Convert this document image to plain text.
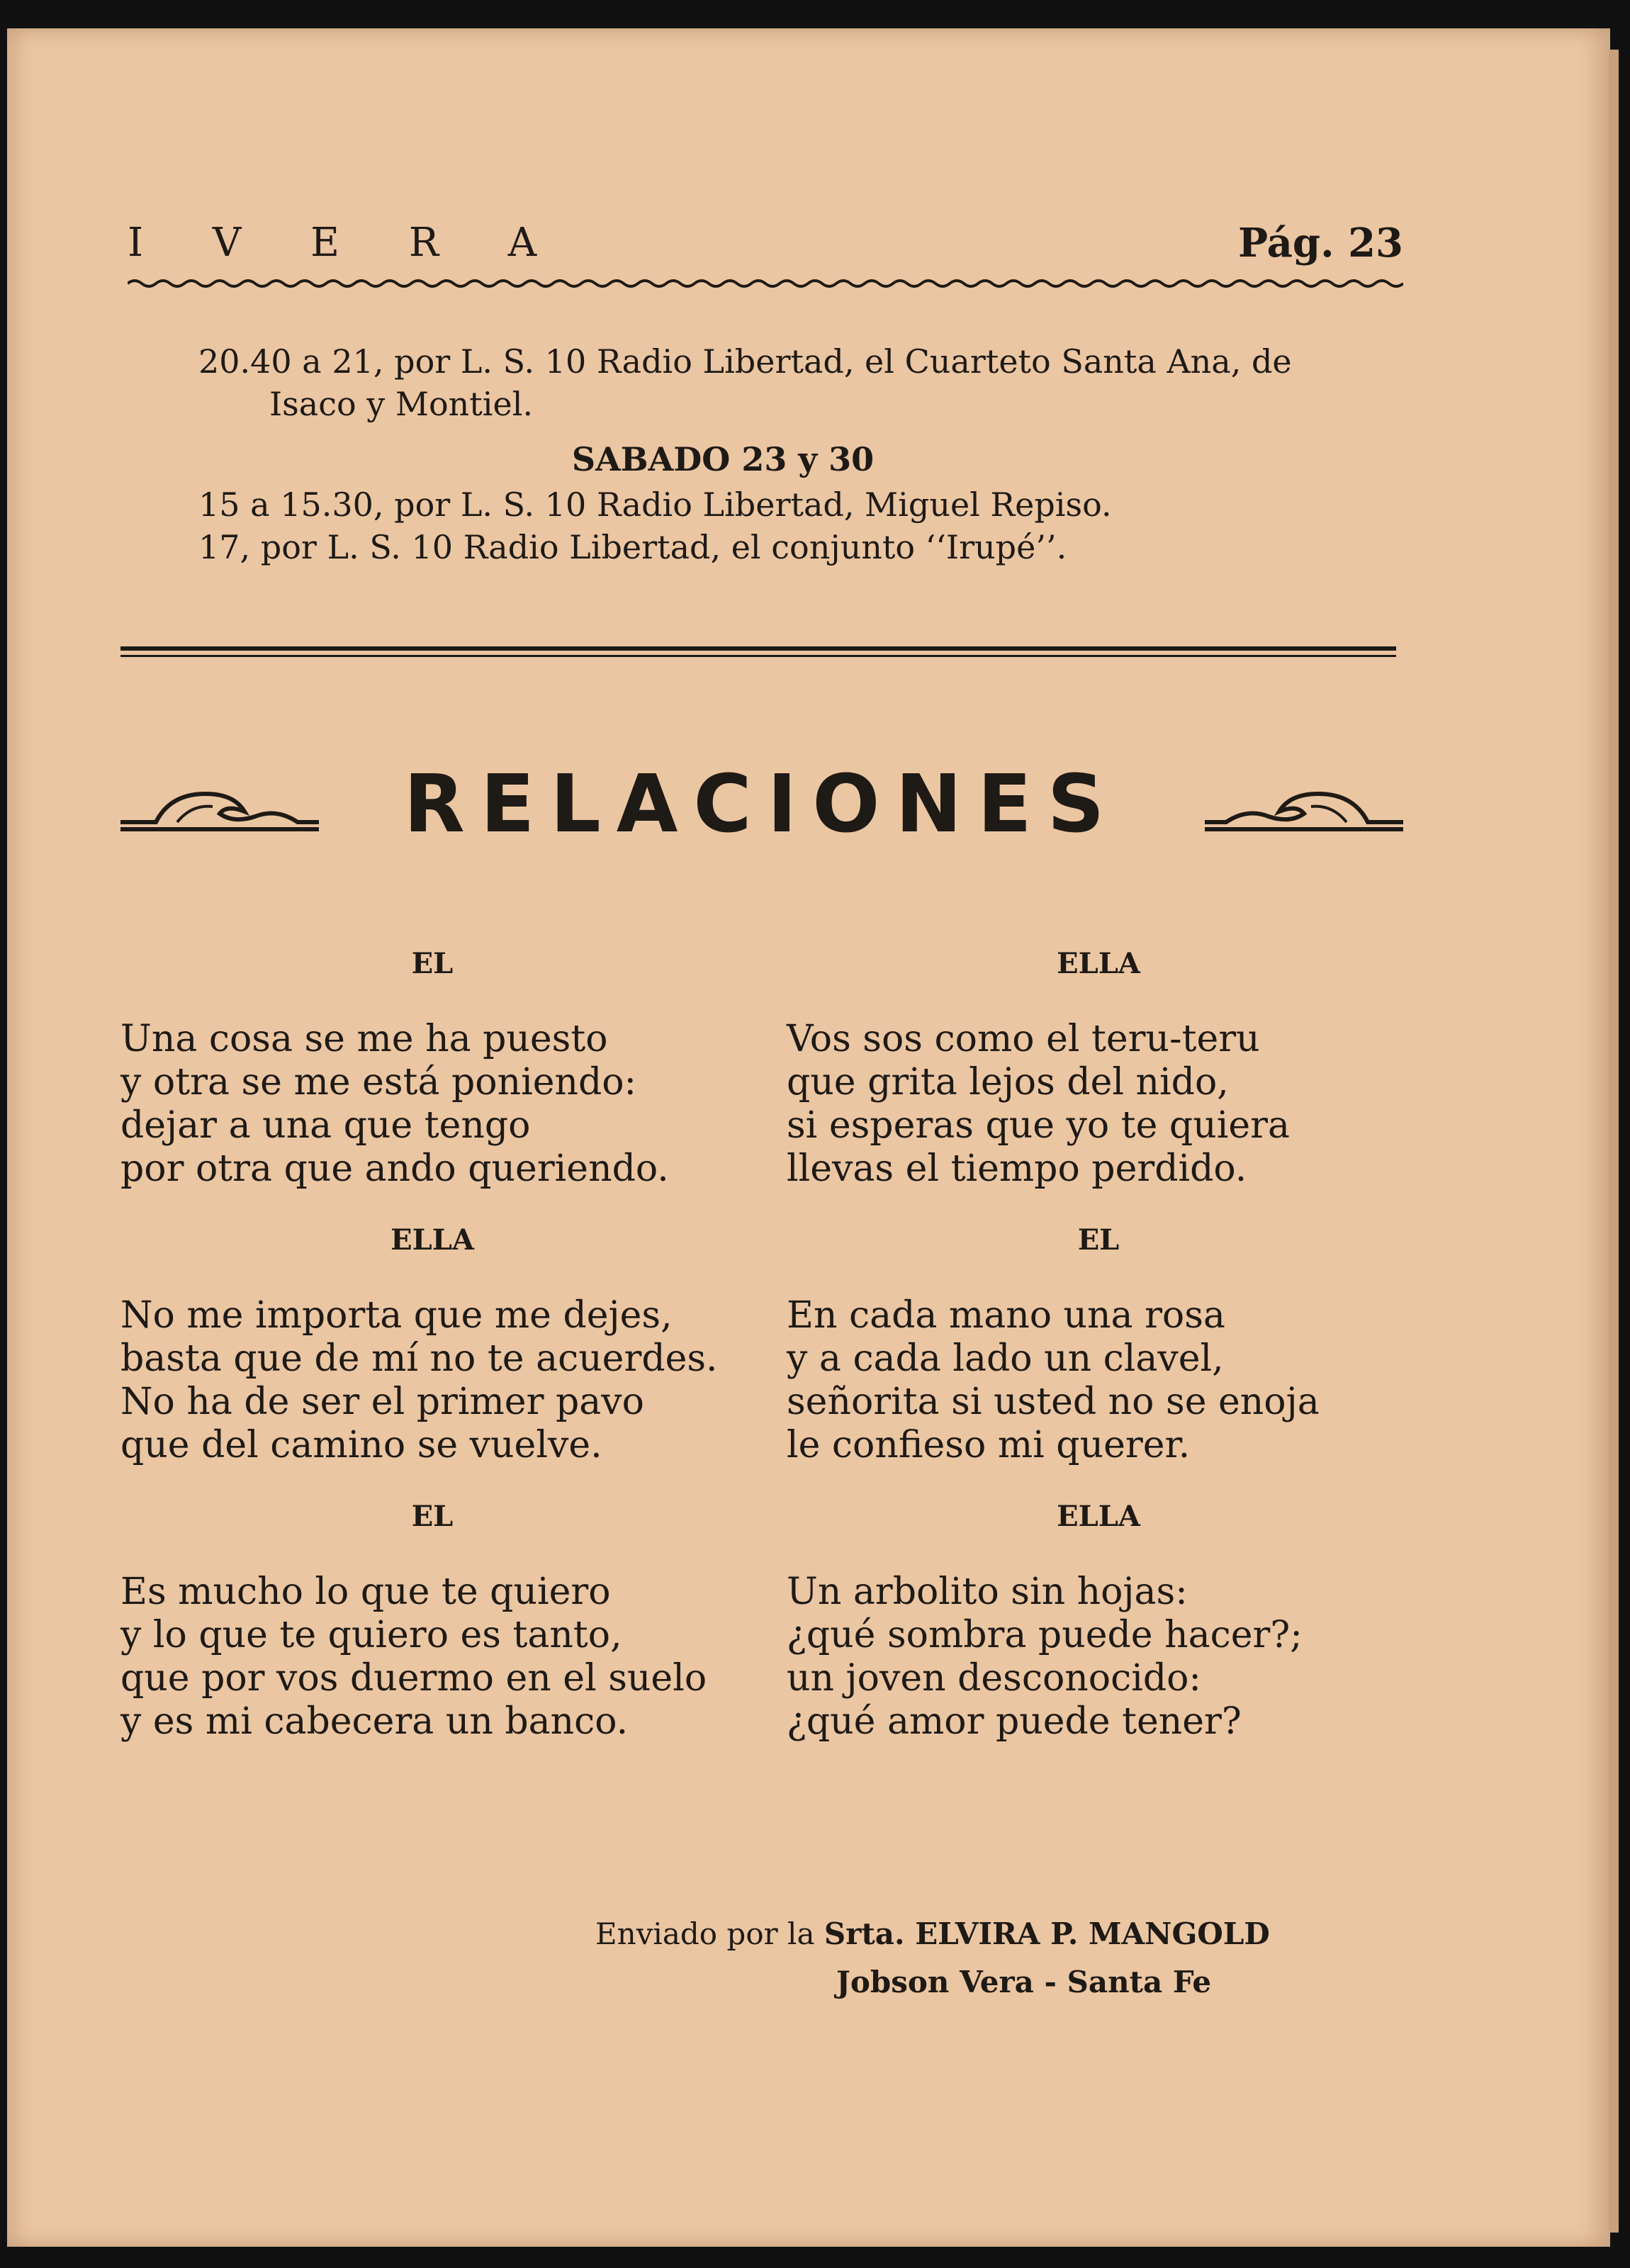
I V E R A	Pág. 23
20.40 a 21, por L. S. 10 Radio Libertad, el Cuarteto Santa Ana, de
Isaco y Montiel.
SABADO 23 y 30
15 a 15.30, por L. S. 10 Radio Libertad, Miguel Repiso.
17, por L. S. 10 Radio Libertad, el conjunto ‘‘Irupé’’.
RELACIONES
EL
Una cosa se me ha puesto
y otra se me está poniendo:
dejar a una que tengo
por otra que ando queriendo.
ELLA
No me importa que me dejes,
basta que de mí no te acuerdes.
No ha de ser el primer pavo
que del camino se vuelve.
EL
Es mucho lo que te quiero
y lo que te quiero es tanto,
que por vos duermo en el suelo
y es mi cabecera un banco.
ELLA
Vos sos como el teru-teru
que grita lejos del nido,
si esperas que yo te quiera
llevas el tiempo perdido.
EL
En cada mano una rosa
y a cada lado un clavel,
señorita si usted no se enoja
le confieso mi querer.
ELLA
Un arbolito sin hojas:
¿qué sombra puede hacer?;
un joven desconocido:
¿qué amor puede tener?
Enviado por la Srta. ELVIRA P. MANGOLD
Jobson Vera - Santa Fe
